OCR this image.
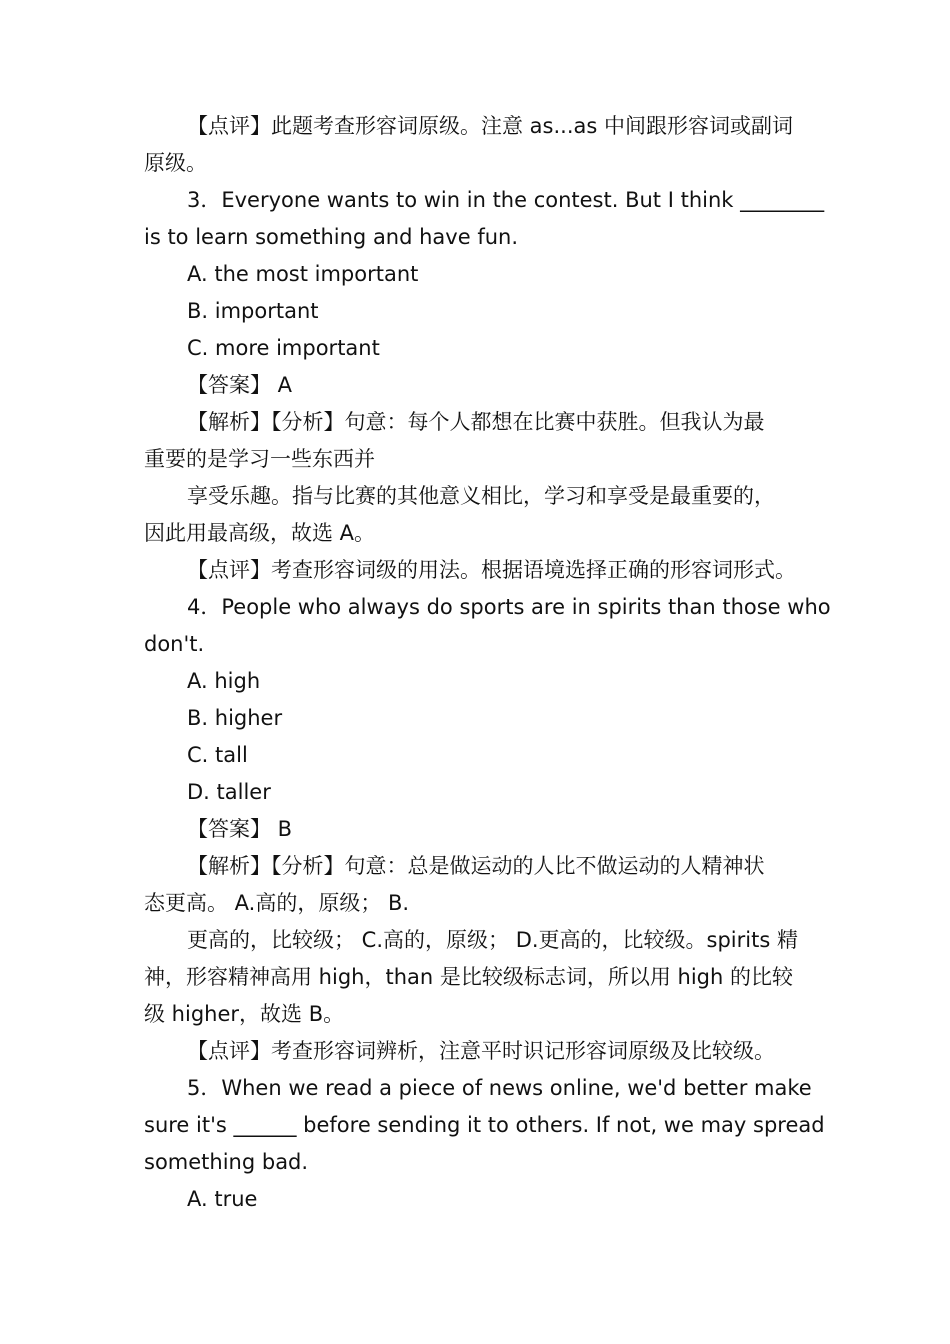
【点评】此题考查形容词原级。注意 as...as 中间跟形容词或副词
原级。
3．Everyone wants to win in the contest. But I think ________
is to learn something and have fun.
A. the most important
B. important
C. more important
【答案】 A
【解析】【分析】句意：每个人都想在比赛中获胜。但我认为最
重要的是学习一些东西并
享受乐趣。指与比赛的其他意义相比，学习和享受是最重要的，
因此用最高级，故选 A。
【点评】考查形容词级的用法。根据语境选择正确的形容词形式。
4．People who always do sports are in spirits than those who
don't.
A. high
B. higher
C. tall
D. taller
【答案】 B
【解析】【分析】句意：总是做运动的人比不做运动的人精神状
态更高。 A.高的，原级； B.
更高的，比较级； C.高的，原级； D.更高的，比较级。spirits 精
神，形容精神高用 high，than 是比较级标志词，所以用 high 的比较
级 higher，故选 B。
【点评】考查形容词辨析，注意平时识记形容词原级及比较级。
5．When we read a piece of news online, we'd better make
sure it's ______ before sending it to others. If not, we may spread
something bad.
A. true
